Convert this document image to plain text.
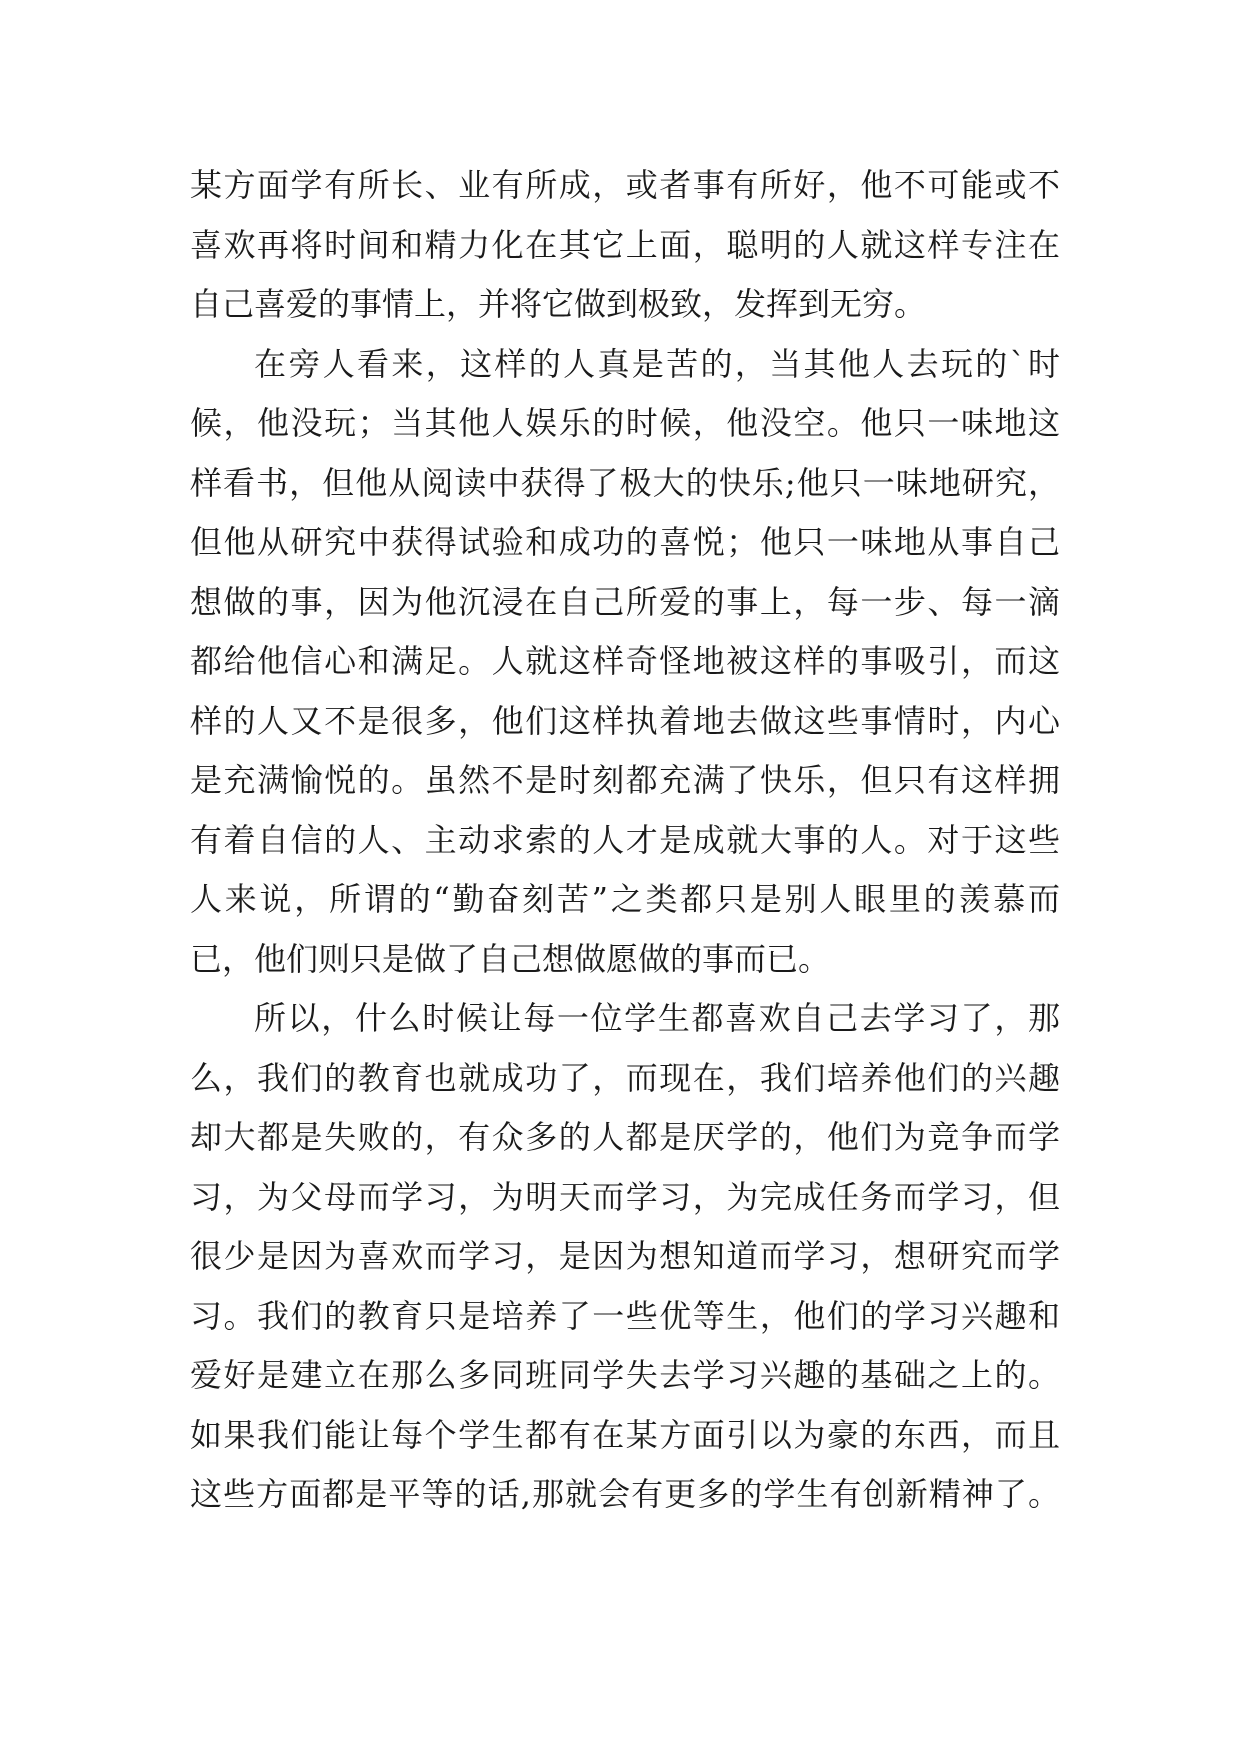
某方面学有所长、业有所成，或者事有所好，他不可能或不
喜欢再将时间和精力化在其它上面，聪明的人就这样专注在
自己喜爱的事情上，并将它做到极致，发挥到无穷。
在旁人看来，这样的人真是苦的，当其他人去玩的`时
候，他没玩；当其他人娱乐的时候，他没空。他只一味地这
样看书，但他从阅读中获得了极大的快乐;他只一味地研究，
但他从研究中获得试验和成功的喜悦；他只一味地从事自己
想做的事，因为他沉浸在自己所爱的事上，每一步、每一滴
都给他信心和满足。人就这样奇怪地被这样的事吸引，而这
样的人又不是很多，他们这样执着地去做这些事情时，内心
是充满愉悦的。虽然不是时刻都充满了快乐，但只有这样拥
有着自信的人、主动求索的人才是成就大事的人。对于这些
人来说，所谓的“勤奋刻苦”之类都只是别人眼里的羡慕而
已，他们则只是做了自己想做愿做的事而已。
所以，什么时候让每一位学生都喜欢自己去学习了，那
么，我们的教育也就成功了，而现在，我们培养他们的兴趣
却大都是失败的，有众多的人都是厌学的，他们为竞争而学
习，为父母而学习，为明天而学习，为完成任务而学习，但
很少是因为喜欢而学习，是因为想知道而学习，想研究而学
习。我们的教育只是培养了一些优等生，他们的学习兴趣和
爱好是建立在那么多同班同学失去学习兴趣的基础之上的。
如果我们能让每个学生都有在某方面引以为豪的东西，而且
这些方面都是平等的话,那就会有更多的学生有创新精神了。
